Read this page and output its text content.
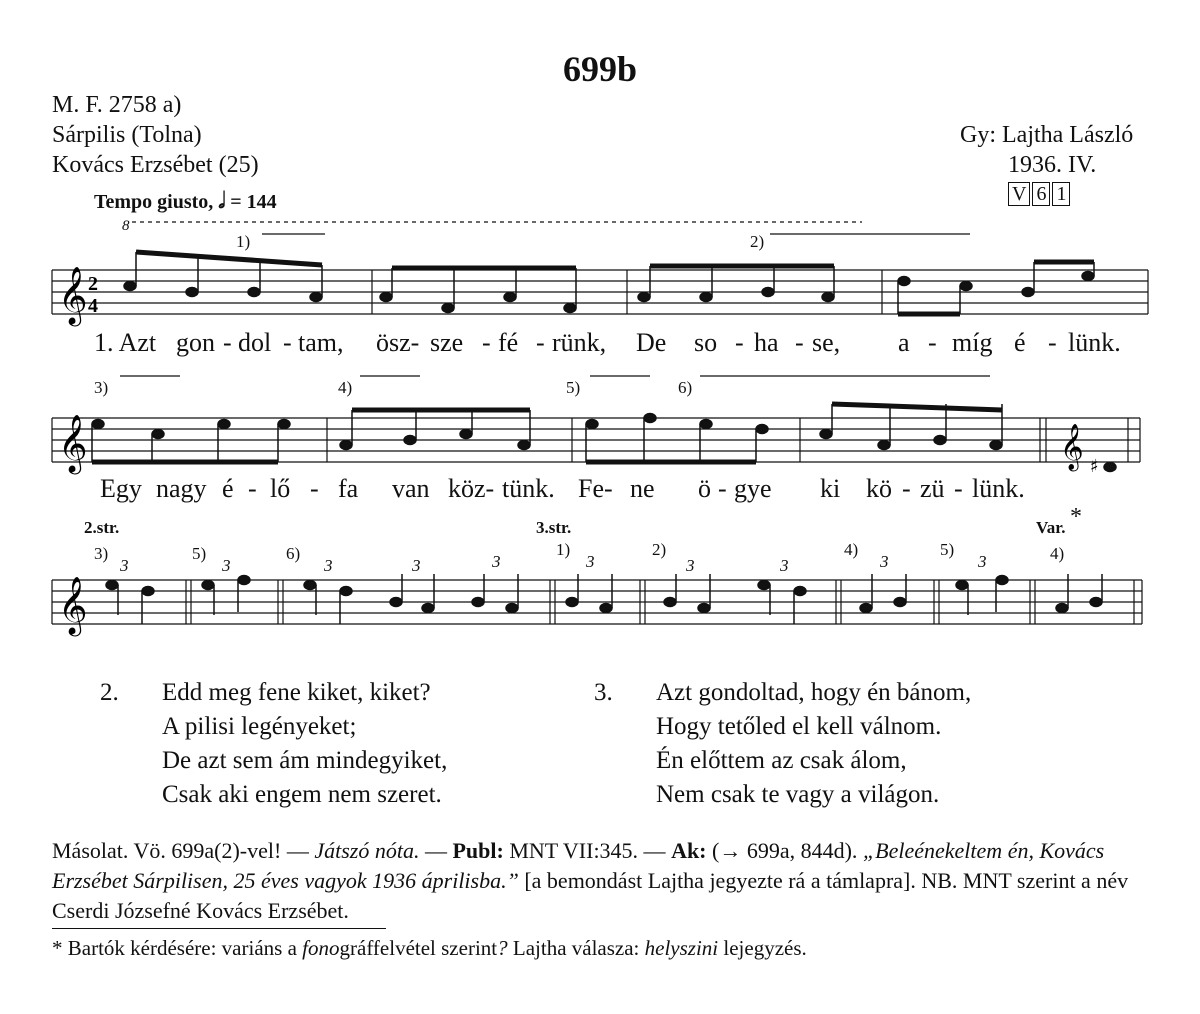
699b
M. F. 2758 a)
Sárpilis (Tolna)
Kovács Erzsébet (25)
Gy: Lajtha László
1936. IV.
V 6 1
Tempo giusto, 𝅗𝅥 = 144
8
𝄞 2
4
𝄞	𝄞 ♯
𝄞
1)	2)
1. Azt gon - dol - tam, ösz- sze - fé - rünk, De so - ha - se, a - míg é - lünk.
3)	4)	5)	6)
Egy nagy é - lő - fa van köz- tünk. Fe- ne ö - gye ki kö - zü - lünk.
2.str.	3.str.	Var. *
3)	5)	6)	1)	2)	4)	5)	4)
3	3	3	3	3	3	3	3	3	3
2. Edd meg fene kiket, kiket?
A pilisi legényeket;
De azt sem ám mindegyiket,
Csak aki engem nem szeret.
3. Azt gondoltad, hogy én bánom,
Hogy tetőled el kell válnom.
Én előttem az csak álom,
Nem csak te vagy a világon.
Másolat. Vö. 699a(2)-vel! — Játszó nóta. — Publ: MNT VII:345. — Ak: (→ 699a, 844d). „Beleénekeltem én, Kovács Erzsébet Sárpilisen, 25 éves vagyok 1936 áprilisba.” [a bemondást Lajtha jegyezte rá a támlapra]. NB. MNT szerint a név Cserdi Józsefné Kovács Erzsébet.
* Bartók kérdésére: variáns a fonográffelvétel szerint? Lajtha válasza: helyszini lejegyzés.
